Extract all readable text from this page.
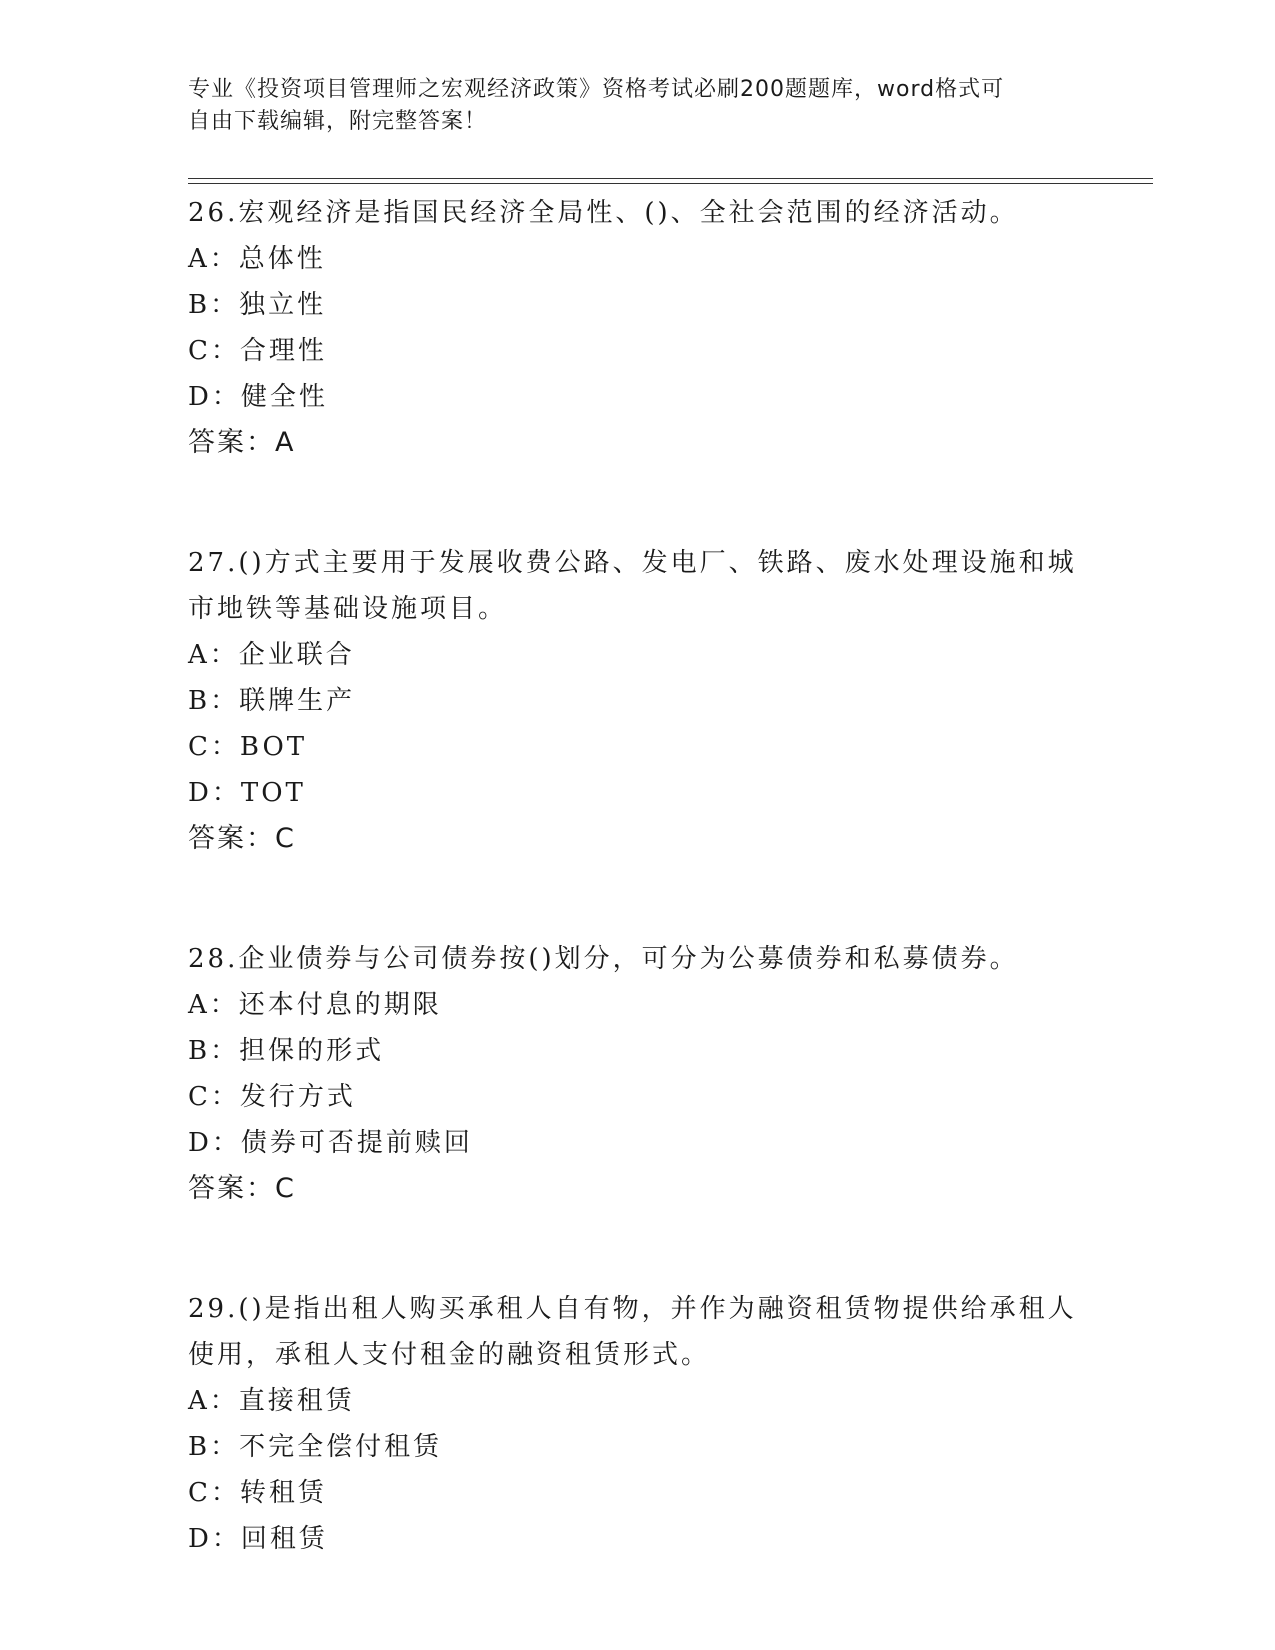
专业《投资项目管理师之宏观经济政策》资格考试必刷200题题库，word格式可
自由下载编辑，附完整答案！
26.宏观经济是指国民经济全局性、()、全社会范围的经济活动。
A：总体性
B：独立性
C：合理性
D：健全性
答案：A
27.()方式主要用于发展收费公路、发电厂、铁路、废水处理设施和城
市地铁等基础设施项目。
A：企业联合
B：联牌生产
C：BOT
D：TOT
答案：C
28.企业债券与公司债券按()划分，可分为公募债券和私募债券。
A：还本付息的期限
B：担保的形式
C：发行方式
D：债券可否提前赎回
答案：C
29.()是指出租人购买承租人自有物，并作为融资租赁物提供给承租人
使用，承租人支付租金的融资租赁形式。
A：直接租赁
B：不完全偿付租赁
C：转租赁
D：回租赁
